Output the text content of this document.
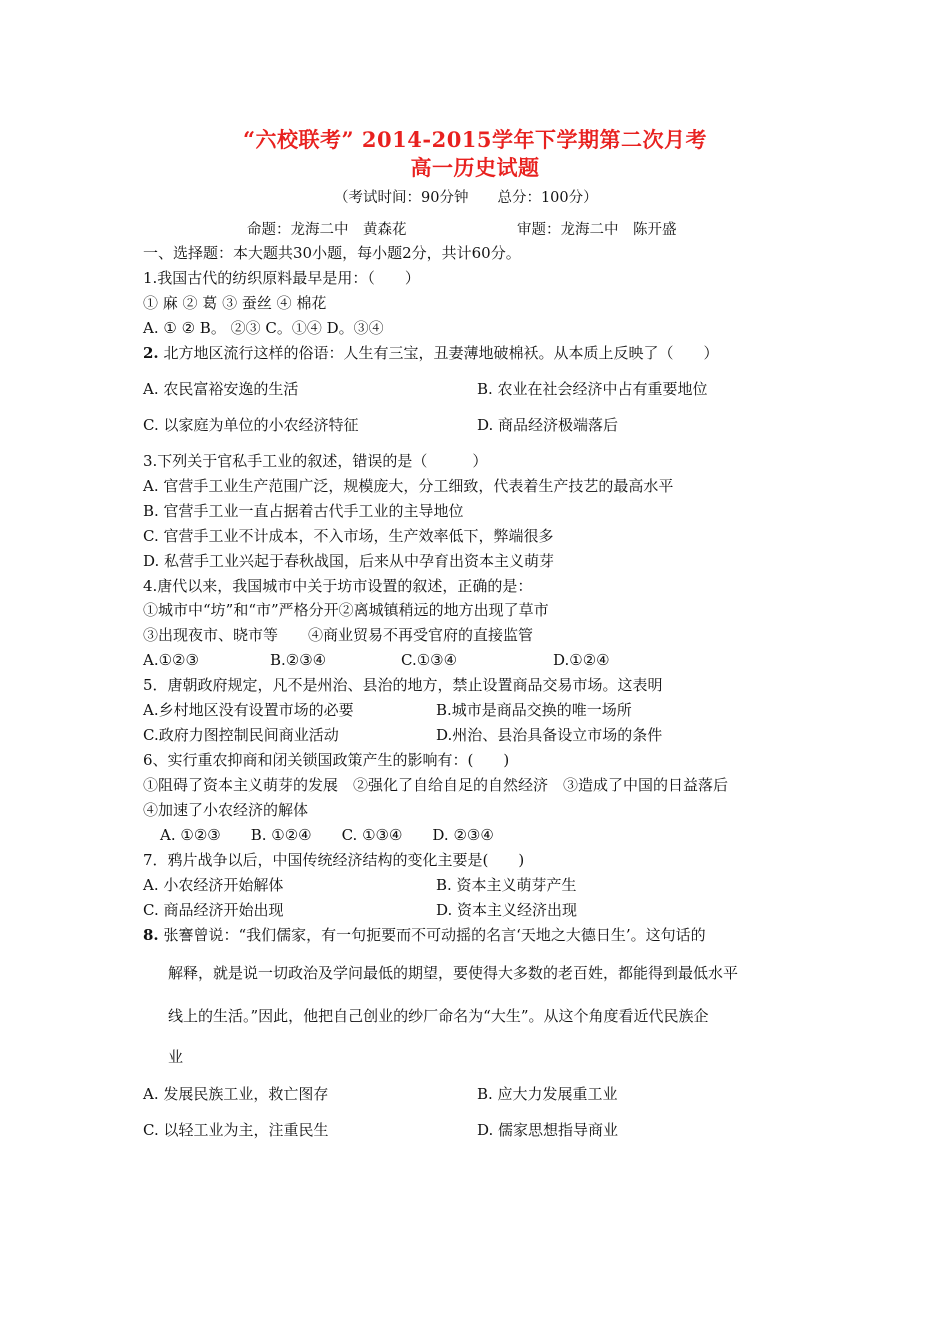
“六校联考” 2014-2015学年下学期第二次月考
高一历史试题
（考试时间：90分钟　　总分：100分）
命题：龙海二中　黄森花	审题：龙海二中　陈开盛
一、选择题：本大题共30小题，每小题2分，共计60分。
1.我国古代的纺织原料最早是用：（　　）
① 麻 ② 葛 ③ 蚕丝 ④ 棉花
A. ① ② B。 ②③ C。①④ D。③④
2. 北方地区流行这样的俗语：人生有三宝，丑妻薄地破棉袄。从本质上反映了（　　）
A. 农民富裕安逸的生活	B. 农业在社会经济中占有重要地位
C. 以家庭为单位的小农经济特征	D. 商品经济极端落后
3.下列关于官私手工业的叙述，错误的是（　　　）
A. 官营手工业生产范围广泛，规模庞大，分工细致，代表着生产技艺的最高水平
B. 官营手工业一直占据着古代手工业的主导地位
C. 官营手工业不计成本，不入市场，生产效率低下，弊端很多
D. 私营手工业兴起于春秋战国，后来从中孕育出资本主义萌芽
4.唐代以来，我国城市中关于坊市设置的叙述，正确的是：
①城市中“坊”和“市”严格分开②离城镇稍远的地方出现了草市
③出现夜市、晓市等　　④商业贸易不再受官府的直接监管
A.①②③	B.②③④	C.①③④	D.①②④
5．唐朝政府规定，凡不是州治、县治的地方，禁止设置商品交易市场。这表明
A.乡村地区没有设置市场的必要	B.城市是商品交换的唯一场所
C.政府力图控制民间商业活动	D.州治、县治具备设立市场的条件
6、实行重农抑商和闭关锁国政策产生的影响有：(　　)
①阻碍了资本主义萌芽的发展　②强化了自给自足的自然经济　③造成了中国的日益落后
④加速了小农经济的解体
A. ①②③　　B. ①②④　　C. ①③④　　D. ②③④
7．鸦片战争以后，中国传统经济结构的变化主要是(　　)
A. 小农经济开始解体	B. 资本主义萌芽产生
C. 商品经济开始出现	D. 资本主义经济出现
8. 张謇曾说：“我们儒家，有一句扼要而不可动摇的名言‘天地之大德日生’。这句话的
解释，就是说一切政治及学问最低的期望，要使得大多数的老百姓，都能得到最低水平
线上的生活。”因此，他把自己创业的纱厂命名为“大生”。从这个角度看近代民族企
业
A. 发展民族工业，救亡图存	B. 应大力发展重工业
C. 以轻工业为主，注重民生	D. 儒家思想指导商业
